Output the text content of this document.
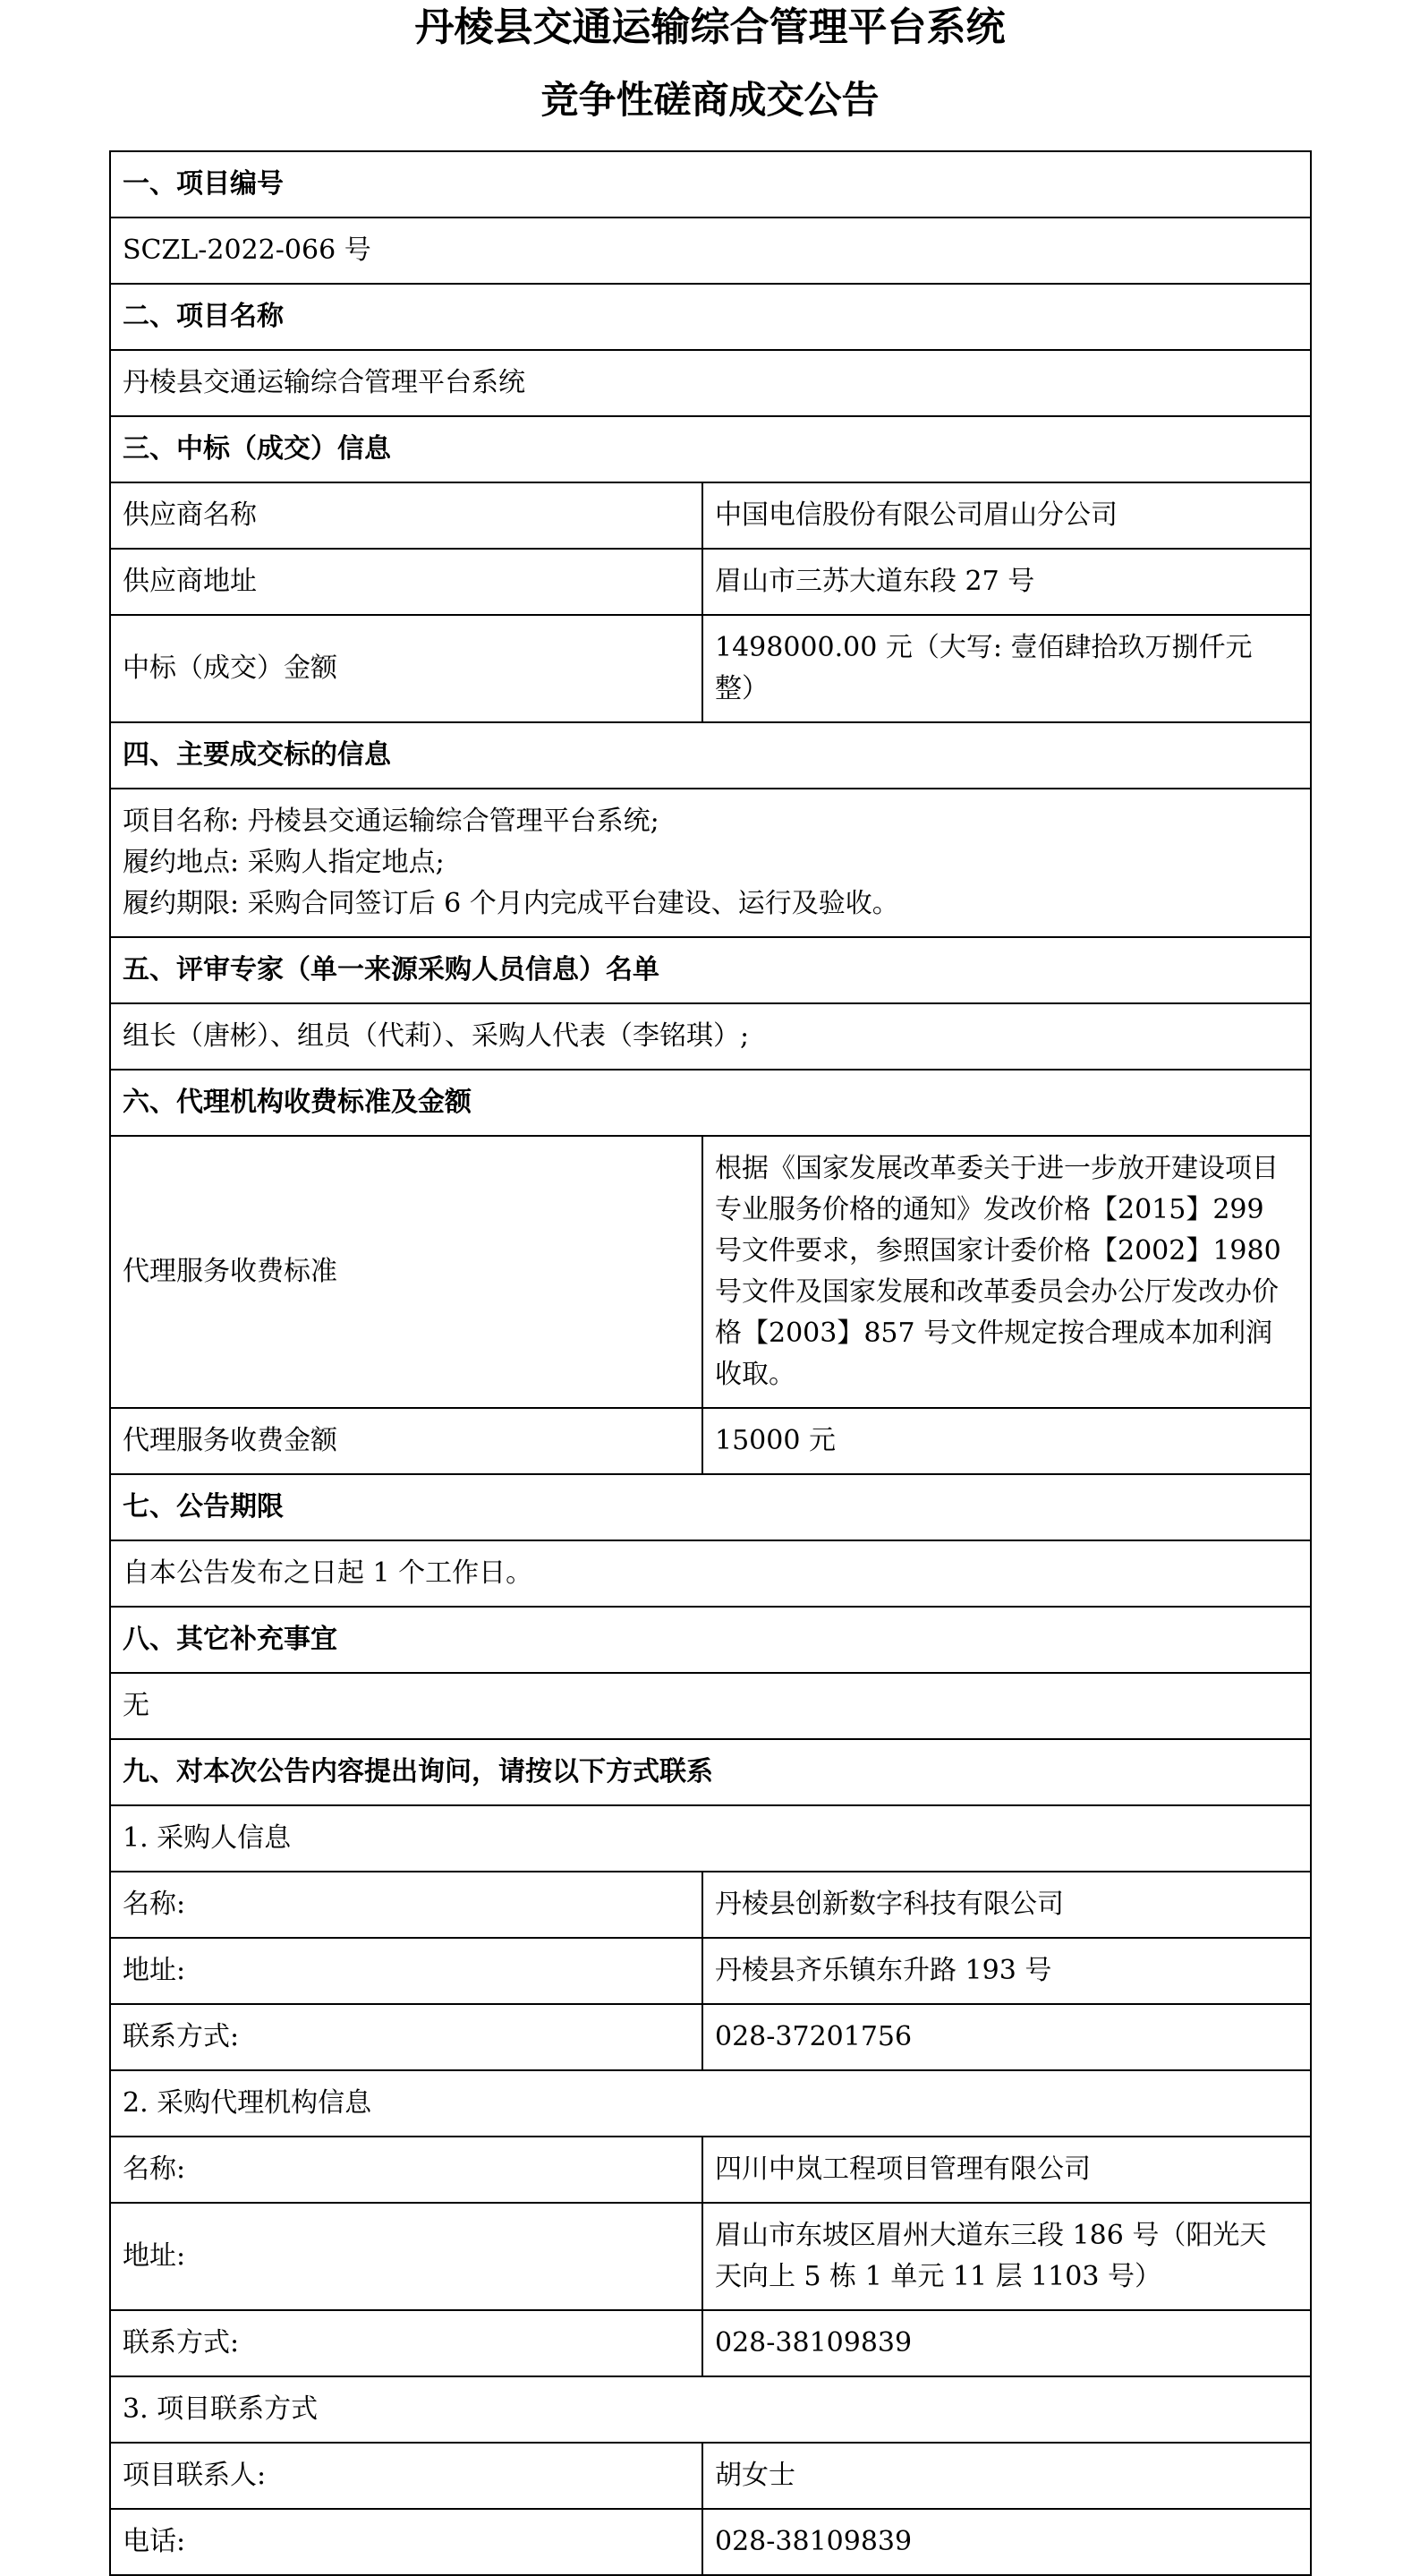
丹棱县交通运输综合管理平台系统
竞争性磋商成交公告
一、项目编号	
SCZL-2022-066 号	
二、项目名称	
丹棱县交通运输综合管理平台系统	
三、中标（成交）信息	
供应商名称	中国电信股份有限公司眉山分公司
供应商地址	眉山市三苏大道东段 27 号
中标（成交）金额	1498000.00 元（大写: 壹佰肆拾玖万捌仟元整）
四、主要成交标的信息	

项目名称: 丹棱县交通运输综合管理平台系统;
履约地点: 采购人指定地点;
履约期限: 采购合同签订后 6 个月内完成平台建设、运行及验收。	

五、评审专家（单一来源采购人员信息）名单	
组长（唐彬）、组员（代莉）、采购人代表（李铭琪）;	
六、代理机构收费标准及金额	
代理服务收费标准	根据《国家发展改革委关于进一步放开建设项目专业服务价格的通知》发改价格【2015】299 号文件要求，参照国家计委价格【2002】1980 号文件及国家发展和改革委员会办公厅发改办价格【2003】857 号文件规定按合理成本加利润收取。
代理服务收费金额	15000 元
七、公告期限	
自本公告发布之日起 1 个工作日。	
八、其它补充事宜	
无	
九、对本次公告内容提出询问，请按以下方式联系	
1. 采购人信息	
名称:	丹棱县创新数字科技有限公司
地址:	丹棱县齐乐镇东升路 193 号
联系方式:	028-37201756
2. 采购代理机构信息	
名称:	四川中岚工程项目管理有限公司
地址:	眉山市东坡区眉州大道东三段 186 号（阳光天天向上 5 栋 1 单元 11 层 1103 号）
联系方式:	028-38109839
3. 项目联系方式	
项目联系人:	胡女士
电话:	028-38109839
